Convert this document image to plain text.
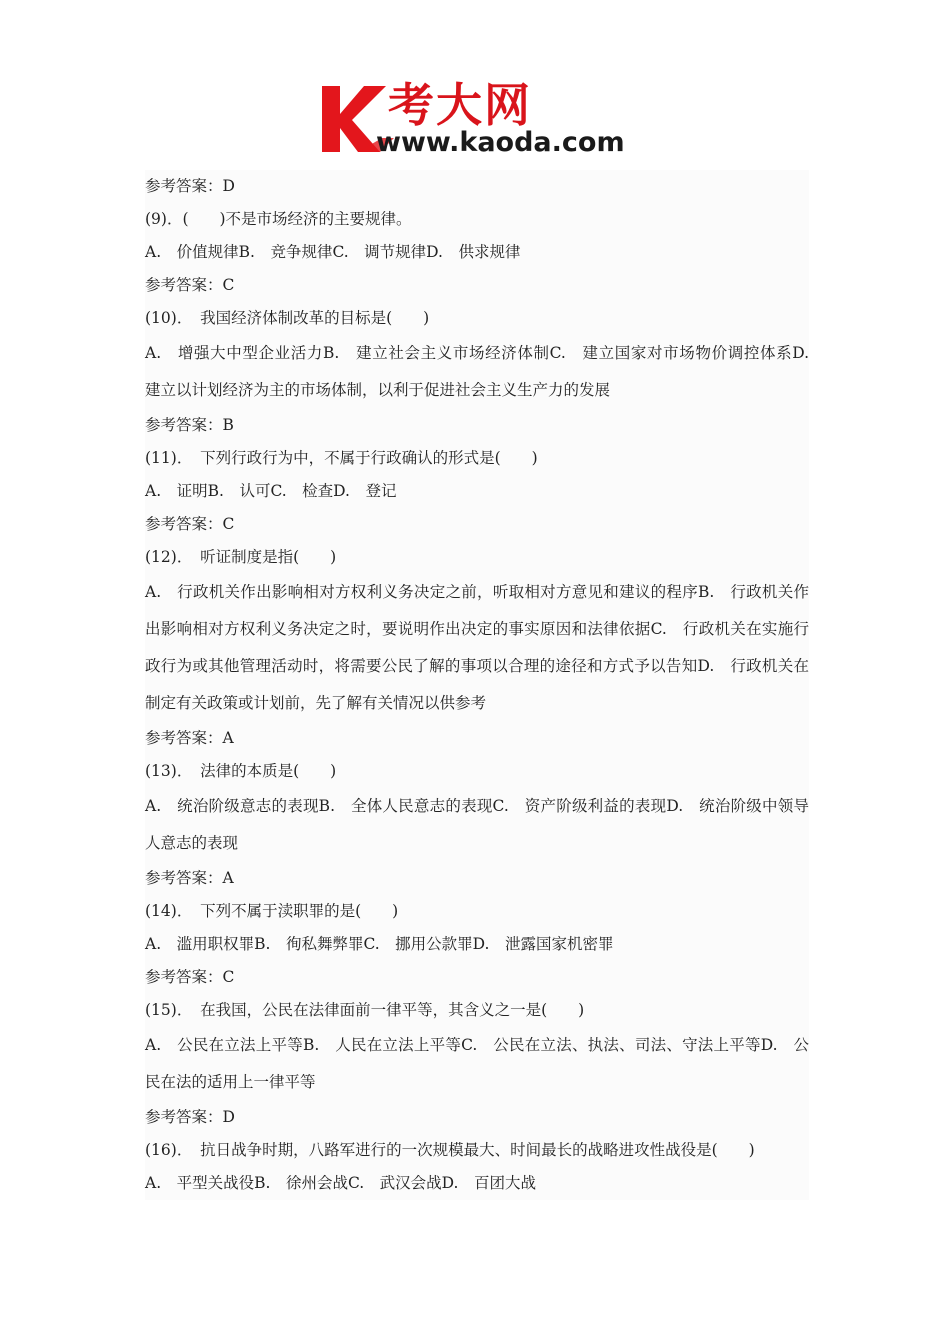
考大网
www.kaoda.com
参考答案：D
(9)．(　　)不是市场经济的主要规律。
A.　价值规律B.　竞争规律C.　调节规律D.　供求规律
参考答案：C
(10)．　我国经济体制改革的目标是(　　)
A.　增强大中型企业活力B.　建立社会主义市场经济体制C.　建立国家对市场物价调控体系D.　建立以计划经济为主的市场体制，以利于促进社会主义生产力的发展
参考答案：B
(11)．　下列行政行为中，不属于行政确认的形式是(　　)
A.　证明B.　认可C.　检查D.　登记
参考答案：C
(12)．　听证制度是指(　　)
A.　行政机关作出影响相对方权利义务决定之前，听取相对方意见和建议的程序B.　行政机关作出影响相对方权利义务决定之时，要说明作出决定的事实原因和法律依据C.　行政机关在实施行政行为或其他管理活动时，将需要公民了解的事项以合理的途径和方式予以告知D.　行政机关在制定有关政策或计划前，先了解有关情况以供参考
参考答案：A
(13)．　法律的本质是(　　)
A.　统治阶级意志的表现B.　全体人民意志的表现C.　资产阶级利益的表现D.　统治阶级中领导人意志的表现
参考答案：A
(14)．　下列不属于渎职罪的是(　　)
A.　滥用职权罪B.　徇私舞弊罪C.　挪用公款罪D.　泄露国家机密罪
参考答案：C
(15)．　在我国，公民在法律面前一律平等，其含义之一是(　　)
A.　公民在立法上平等B.　人民在立法上平等C.　公民在立法、执法、司法、守法上平等D.　公民在法的适用上一律平等
参考答案：D
(16)．　抗日战争时期，八路军进行的一次规模最大、时间最长的战略进攻性战役是(　　)
A.　平型关战役B.　徐州会战C.　武汉会战D.　百团大战
